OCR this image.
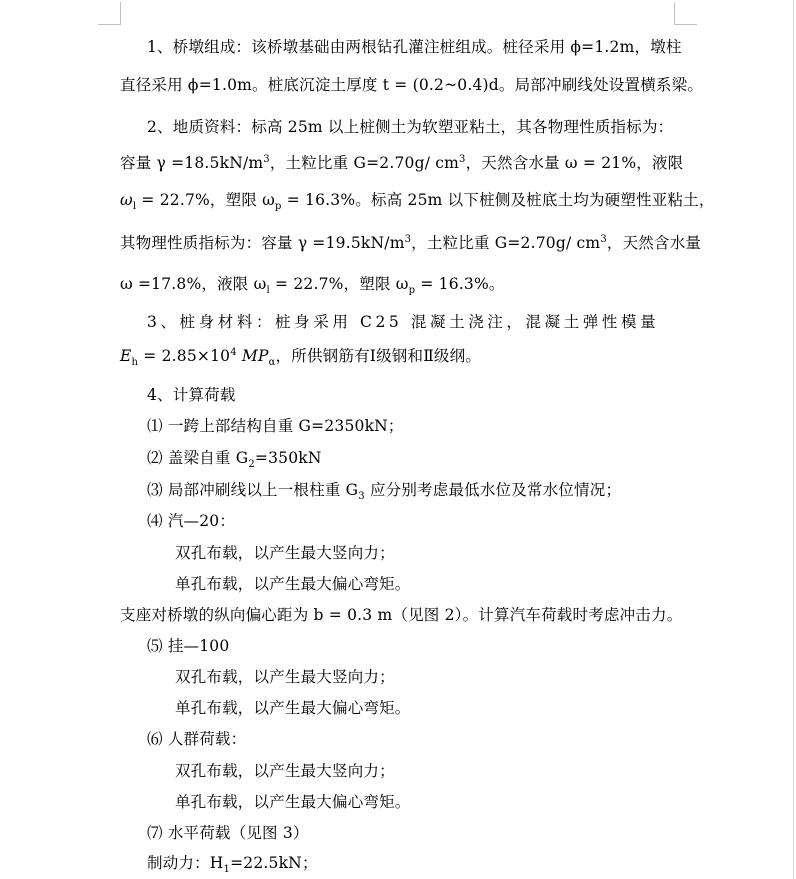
1、桥墩组成：该桥墩基础由两根钻孔灌注桩组成。桩径采用 ϕ=1.2m，墩柱
直径采用 ϕ=1.0m。桩底沉淀土厚度 t = (0.2~0.4)d。局部冲刷线处设置横系梁。
2、地质资料：标高 25m 以上桩侧土为软塑亚粘土，其各物理性质指标为：
容量 $\gamma =18.5kN/m^3$，土粒比重 G=2.70g/ $cm^3$，天然含水量 ω = 21%，液限
$\omega_l = 22.7\%$，塑限 $\omega_p = 16.3\%$。标高 25m 以下桩侧及桩底土均为硬塑性亚粘土，
其物理性质指标为：容量 $\gamma =19.5kN/m^3$，土粒比重 G=2.70g/ $cm^3$，天然含水量
ω =17.8%，液限 $\omega_l = 22.7\%$，塑限 $\omega_p = 16.3\%$。
3、桩身材料：桩身采用 C25 混凝土浇注，混凝土弹性模量
$E_h = 2.85\times 10^4$ $MP_\alpha$，所供钢筋有Ⅰ级钢和Ⅱ级纲。
4、计算荷载
⑴ 一跨上部结构自重 G=2350kN；
⑵ 盖梁自重 $G_2=350kN$
⑶ 局部冲刷线以上一根柱重 $G_3$ 应分别考虑最低水位及常水位情况；
⑷ 汽—20：
双孔布载，以产生最大竖向力；
单孔布载，以产生最大偏心弯矩。
支座对桥墩的纵向偏心距为 b = 0.3 m（见图 2）。计算汽车荷载时考虑冲击力。
⑸ 挂—100
双孔布载，以产生最大竖向力；
单孔布载，以产生最大偏心弯矩。
⑹ 人群荷载：
双孔布载，以产生最大竖向力；
单孔布载，以产生最大偏心弯矩。
⑺ 水平荷载（见图 3）
制动力：$H_1=22.5kN$；
